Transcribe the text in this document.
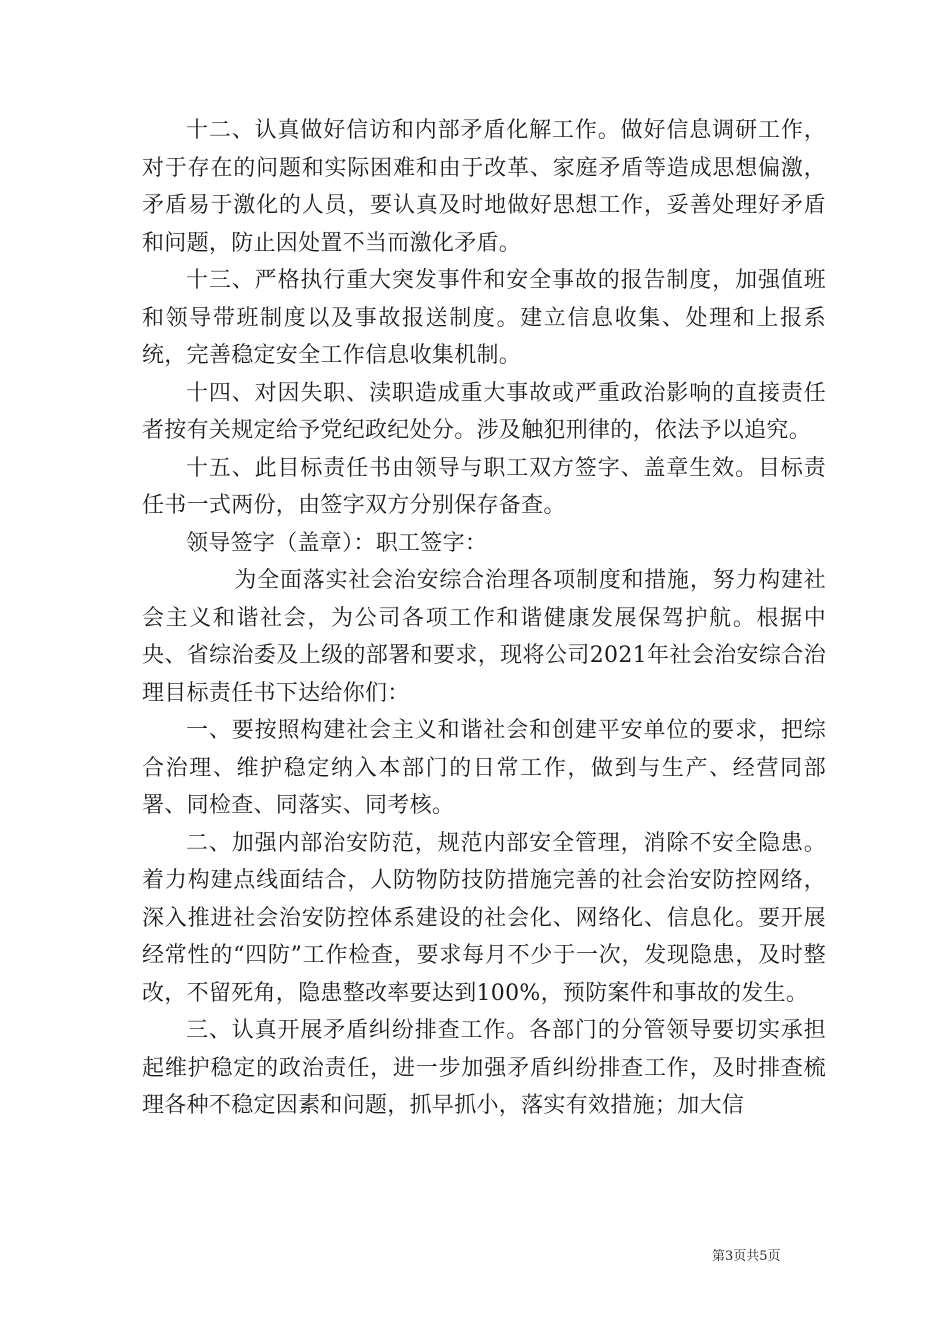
十二、认真做好信访和内部矛盾化解工作。做好信息调研工作，对于存在的问题和实际困难和由于改革、家庭矛盾等造成思想偏激，矛盾易于激化的人员，要认真及时地做好思想工作，妥善处理好矛盾和问题，防止因处置不当而激化矛盾。

十三、严格执行重大突发事件和安全事故的报告制度，加强值班和领导带班制度以及事故报送制度。建立信息收集、处理和上报系统，完善稳定安全工作信息收集机制。

十四、对因失职、渎职造成重大事故或严重政治影响的直接责任者按有关规定给予党纪政纪处分。涉及触犯刑律的，依法予以追究。

十五、此目标责任书由领导与职工双方签字、盖章生效。目标责任书一式两份，由签字双方分别保存备查。

领导签字（盖章）：职工签字：

为全面落实社会治安综合治理各项制度和措施，努力构建社会主义和谐社会，为公司各项工作和谐健康发展保驾护航。根据中央、省综治委及上级的部署和要求，现将公司2021年社会治安综合治理目标责任书下达给你们：

一、要按照构建社会主义和谐社会和创建平安单位的要求，把综合治理、维护稳定纳入本部门的日常工作，做到与生产、经营同部署、同检查、同落实、同考核。

二、加强内部治安防范，规范内部安全管理，消除不安全隐患。着力构建点线面结合，人防物防技防措施完善的社会治安防控网络，深入推进社会治安防控体系建设的社会化、网络化、信息化。要开展经常性的“四防”工作检查，要求每月不少于一次，发现隐患，及时整改，不留死角，隐患整改率要达到100%，预防案件和事故的发生。

三、认真开展矛盾纠纷排查工作。各部门的分管领导要切实承担起维护稳定的政治责任，进一步加强矛盾纠纷排查工作，及时排查梳理各种不稳定因素和问题，抓早抓小，落实有效措施；加大信

第3页共5页
